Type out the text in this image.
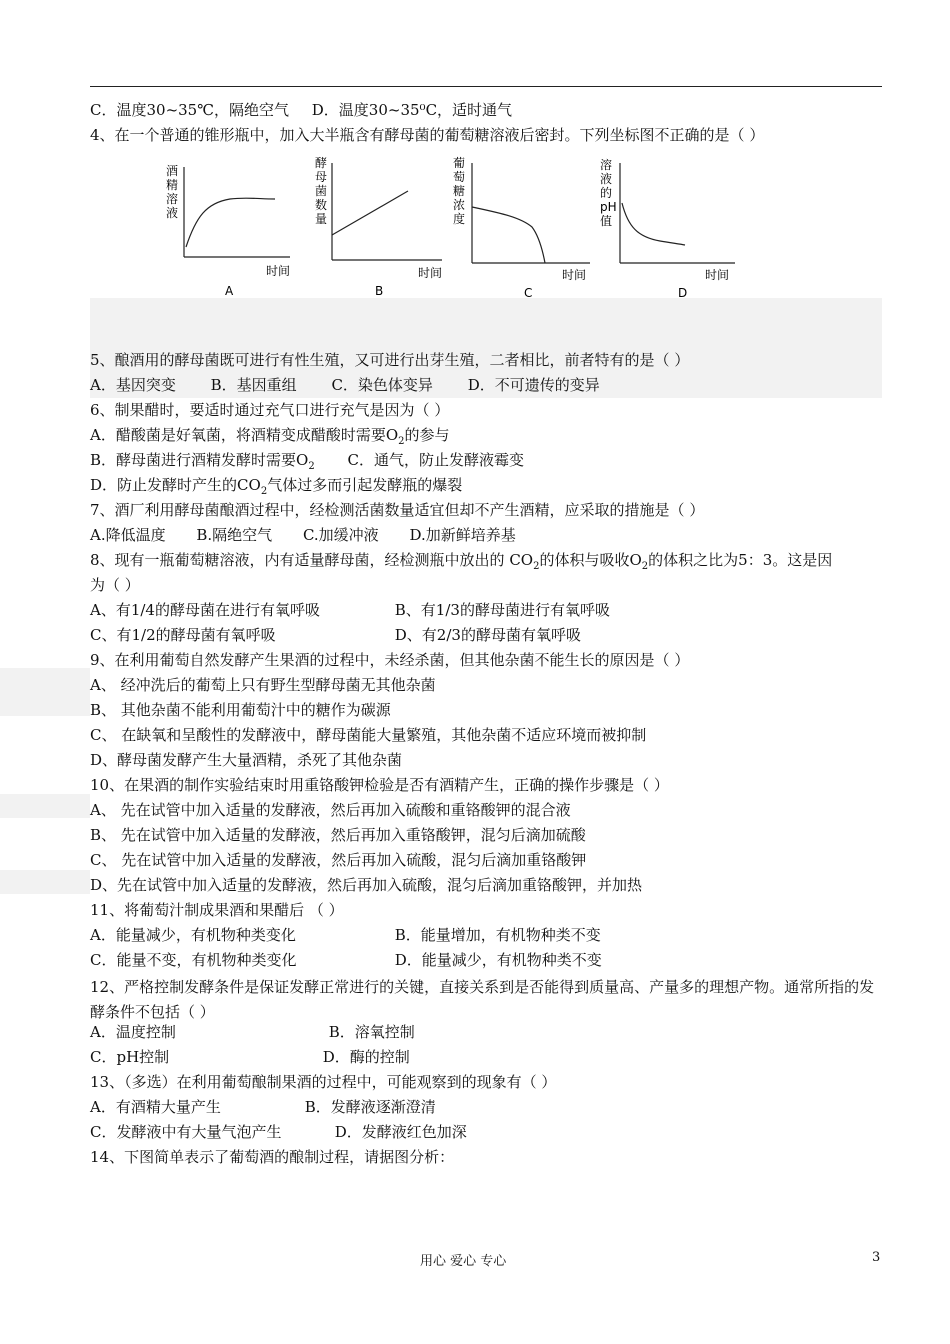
C．温度30~35℃，隔绝空气 D．温度30~35⁰C，适时通气
4、在一个普通的锥形瓶中，加入大半瓶含有酵母菌的葡萄糖溶液后密封。下列坐标图不正确的是（ ）
酒精溶液
时间
A
酵母菌数量
时间
B
葡萄糖浓度
时间
C
溶液的 pH 值
时间
D
5、酿酒用的酵母菌既可进行有性生殖，又可进行出芽生殖，二者相比，前者特有的是（ ）
A．基因突变 B．基因重组 C．染色体变异 D．不可遗传的变异
6、制果醋时，要适时通过充气口进行充气是因为（ ）
A．醋酸菌是好氧菌，将酒精变成醋酸时需要$O_2$的参与
B．酵母菌进行酒精发酵时需要$O_2$ C．通气，防止发酵液霉变
D．防止发酵时产生的$CO_2$气体过多而引起发酵瓶的爆裂
7、酒厂利用酵母菌酿酒过程中，经检测活菌数量适宜但却不产生酒精，应采取的措施是（ ）
A.降低温度 B.隔绝空气 C.加缓冲液 D.加新鲜培养基
8、现有一瓶葡萄糖溶液，内有适量酵母菌，经检测瓶中放出的 $CO_2$的体积与吸收$O_2$的体积之比为5：3。这是因
为（ ）
A、有1/4的酵母菌在进行有氧呼吸	B、有1/3的酵母菌进行有氧呼吸
C、有1/2的酵母菌有氧呼吸	D、有2/3的酵母菌有氧呼吸
9、在利用葡萄自然发酵产生果酒的过程中，未经杀菌，但其他杂菌不能生长的原因是（ ）
A、 经冲洗后的葡萄上只有野生型酵母菌无其他杂菌
B、 其他杂菌不能利用葡萄汁中的糖作为碳源
C、 在缺氧和呈酸性的发酵液中，酵母菌能大量繁殖，其他杂菌不适应环境而被抑制
D、酵母菌发酵产生大量酒精，杀死了其他杂菌
10、在果酒的制作实验结束时用重铬酸钾检验是否有酒精产生，正确的操作步骤是（ ）
A、 先在试管中加入适量的发酵液，然后再加入硫酸和重铬酸钾的混合液
B、 先在试管中加入适量的发酵液，然后再加入重铬酸钾，混匀后滴加硫酸
C、 先在试管中加入适量的发酵液，然后再加入硫酸，混匀后滴加重铬酸钾
D、先在试管中加入适量的发酵液，然后再加入硫酸，混匀后滴加重铬酸钾，并加热
11、将葡萄汁制成果酒和果醋后 （ ）
A．能量减少，有机物种类变化	B．能量增加，有机物种类不变
C．能量不变，有机物种类变化	D．能量减少，有机物种类不变
12、严格控制发酵条件是保证发酵正常进行的关键，直接关系到是否能得到质量高、产量多的理想产物。通常所指的发酵条件不包括（ ）
A．温度控制	B．溶氧控制
C．pH控制	D．酶的控制
13、（多选）在利用葡萄酿制果酒的过程中，可能观察到的现象有（ ）
A．有酒精大量产生	B．发酵液逐渐澄清
C．发酵液中有大量气泡产生	D．发酵液红色加深
14、下图简单表示了葡萄酒的酿制过程，请据图分析：
用心 爱心 专心	3
